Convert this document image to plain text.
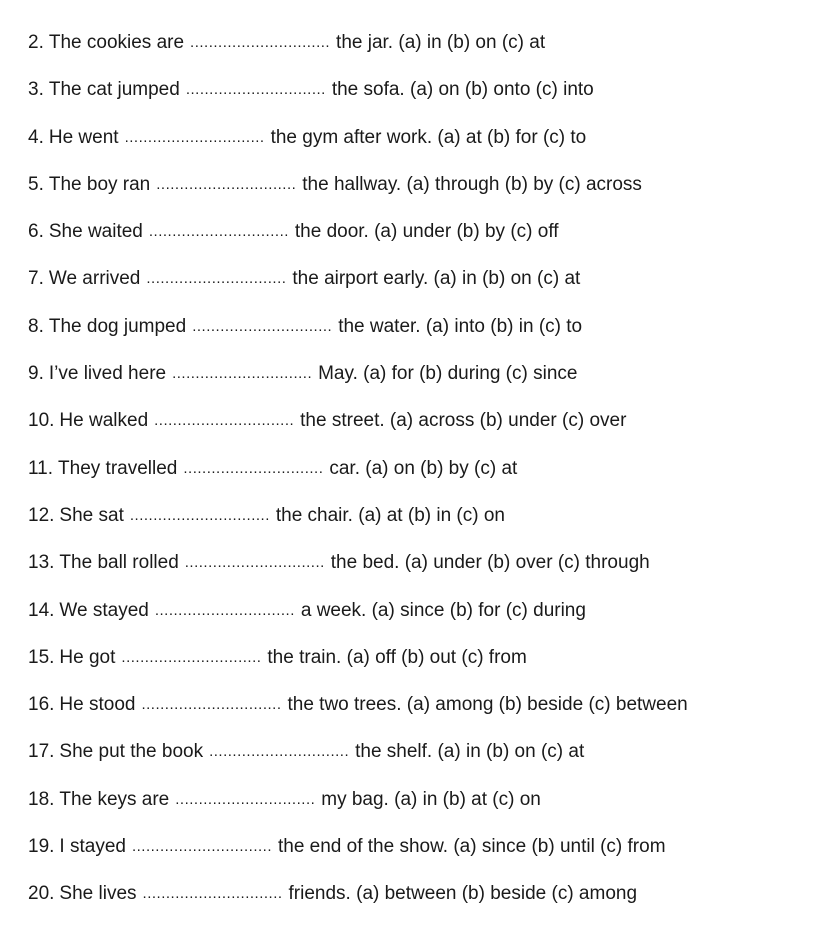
2. The cookies are .....	the jar. (a) in (b) on (c) at
3. The cat jumped .....	the sofa. (a) on (b) onto (c) into
4. He went .....	the gym after work. (a) at (b) for (c) to
5. The boy ran .....	the hallway. (a) through (b) by (c) across
6. She waited .....	the door. (a) under (b) by (c) off
7. We arrived .....	the airport early. (a) in (b) on (c) at
8. The dog jumped .....	the water. (a) into (b) in (c) to
9. I’ve lived here .....	May. (a) for (b) during (c) since
10. He walked .....	the street. (a) across (b) under (c) over
11. They travelled .....	car. (a) on (b) by (c) at
12. She sat .....	the chair. (a) at (b) in (c) on
13. The ball rolled .....	the bed. (a) under (b) over (c) through
14. We stayed .....	a week. (a) since (b) for (c) during
15. He got .....	the train. (a) off (b) out (c) from
16. He stood .....	the two trees. (a) among (b) beside (c) between
17. She put the book .....	the shelf. (a) in (b) on (c) at
18. The keys are .....	my bag. (a) in (b) at (c) on
19. I stayed .....	the end of the show. (a) since (b) until (c) from
20. She lives .....	friends. (a) between (b) beside (c) among
